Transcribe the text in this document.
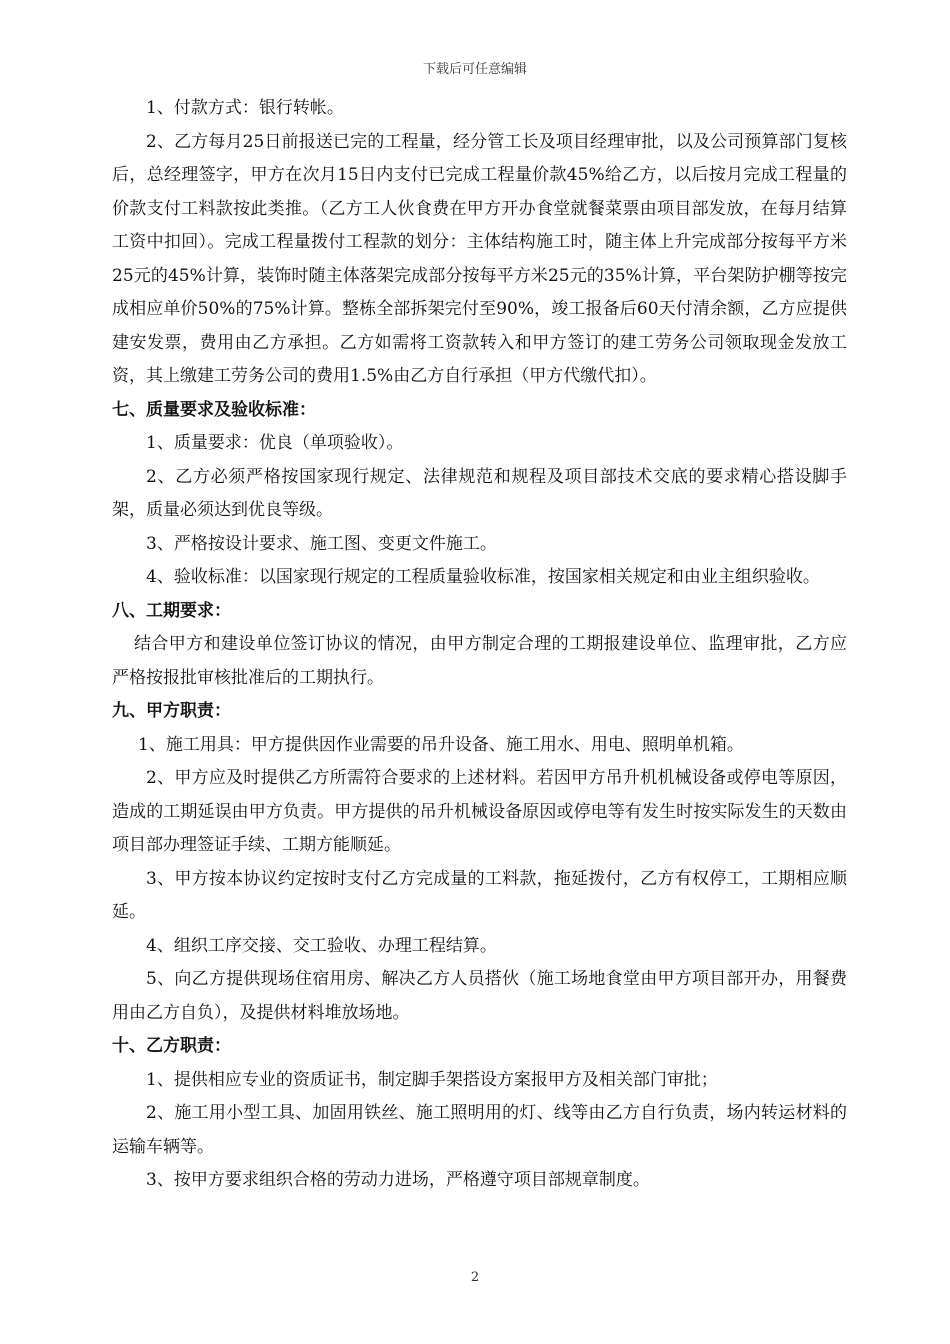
下载后可任意编辑

1、付款方式：银行转帐。

2、乙方每月25日前报送已完的工程量，经分管工长及项目经理审批，以及公司预算部门复核后，总经理签字，甲方在次月15日内支付已完成工程量价款45%给乙方，以后按月完成工程量的价款支付工料款按此类推。（乙方工人伙食费在甲方开办食堂就餐菜票由项目部发放，在每月结算工资中扣回）。完成工程量拨付工程款的划分：主体结构施工时，随主体上升完成部分按每平方米25元的45%计算，装饰时随主体落架完成部分按每平方米25元的35%计算，平台架防护棚等按完成相应单价50%的75%计算。整栋全部拆架完付至90%，竣工报备后60天付清余额，乙方应提供建安发票，费用由乙方承担。乙方如需将工资款转入和甲方签订的建工劳务公司领取现金发放工资，其上缴建工劳务公司的费用1.5%由乙方自行承担（甲方代缴代扣）。

七、质量要求及验收标准：

1、质量要求：优良（单项验收）。

2、乙方必须严格按国家现行规定、法律规范和规程及项目部技术交底的要求精心搭设脚手架，质量必须达到优良等级。

3、严格按设计要求、施工图、变更文件施工。

4、验收标准：以国家现行规定的工程质量验收标准，按国家相关规定和由业主组织验收。

八、工期要求：

结合甲方和建设单位签订协议的情况，由甲方制定合理的工期报建设单位、监理审批，乙方应严格按报批审核批准后的工期执行。

九、甲方职责：

1、施工用具：甲方提供因作业需要的吊升设备、施工用水、用电、照明单机箱。

2、甲方应及时提供乙方所需符合要求的上述材料。若因甲方吊升机机械设备或停电等原因，造成的工期延误由甲方负责。甲方提供的吊升机械设备原因或停电等有发生时按实际发生的天数由项目部办理签证手续、工期方能顺延。

3、甲方按本协议约定按时支付乙方完成量的工料款，拖延拨付，乙方有权停工，工期相应顺延。

4、组织工序交接、交工验收、办理工程结算。

5、向乙方提供现场住宿用房、解决乙方人员搭伙（施工场地食堂由甲方项目部开办，用餐费用由乙方自负），及提供材料堆放场地。

十、乙方职责：

1、提供相应专业的资质证书，制定脚手架搭设方案报甲方及相关部门审批；

2、施工用小型工具、加固用铁丝、施工照明用的灯、线等由乙方自行负责，场内转运材料的运输车辆等。

3、按甲方要求组织合格的劳动力进场，严格遵守项目部规章制度。

2
